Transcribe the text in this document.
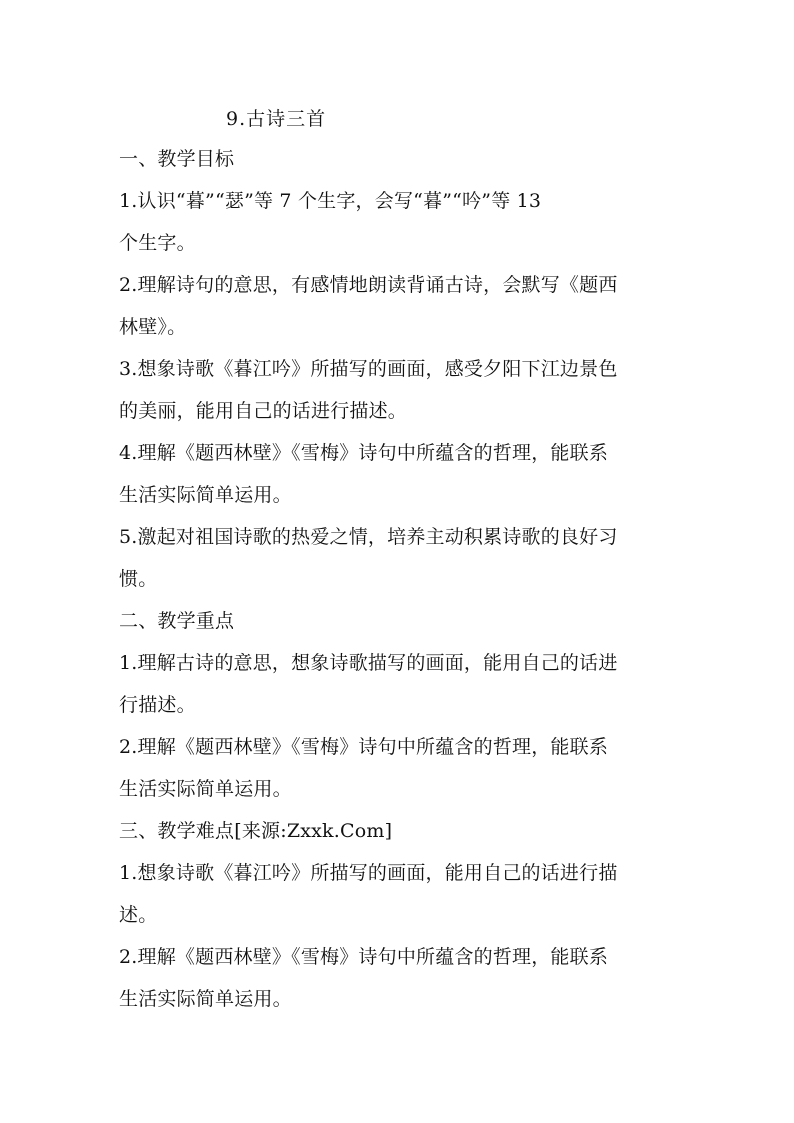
9.古诗三首
一、教学目标
1.认识“暮”“瑟”等 7 个生字，会写“暮”“吟”等 13
个生字。
2.理解诗句的意思，有感情地朗读背诵古诗，会默写《题西
林壁》。
3.想象诗歌《暮江吟》所描写的画面，感受夕阳下江边景色
的美丽，能用自己的话进行描述。
4.理解《题西林壁》《雪梅》诗句中所蕴含的哲理，能联系
生活实际简单运用。
5.激起对祖国诗歌的热爱之情，培养主动积累诗歌的良好习
惯。
二、教学重点
1.理解古诗的意思，想象诗歌描写的画面，能用自己的话进
行描述。
2.理解《题西林壁》《雪梅》诗句中所蕴含的哲理，能联系
生活实际简单运用。
三、教学难点[来源:Zxxk.Com]
1.想象诗歌《暮江吟》所描写的画面，能用自己的话进行描
述。
2.理解《题西林壁》《雪梅》诗句中所蕴含的哲理，能联系
生活实际简单运用。
